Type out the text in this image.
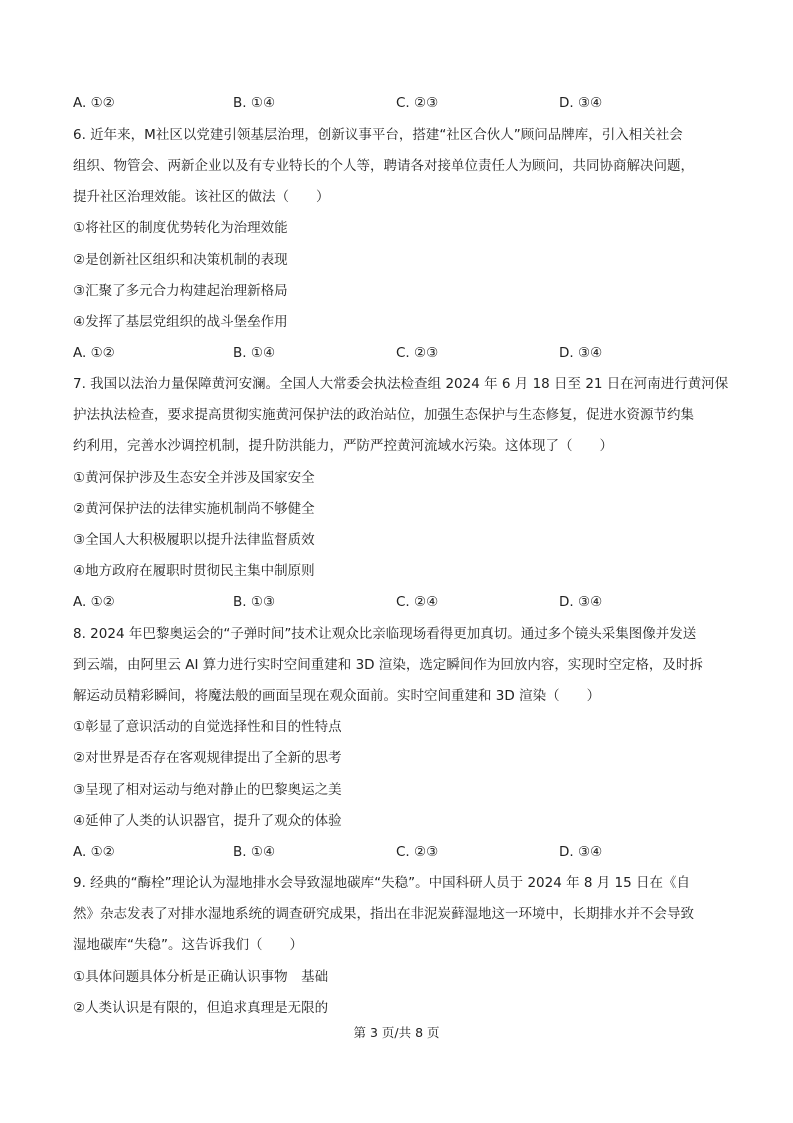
A. ①②	B. ①④	C. ②③	D. ③④
6. 近年来，M社区以党建引领基层治理，创新议事平台，搭建“社区合伙人”顾问品牌库，引入相关社会
组织、物管会、两新企业以及有专业特长的个人等，聘请各对接单位责任人为顾问，共同协商解决问题，
提升社区治理效能。该社区的做法（　　）
①将社区的制度优势转化为治理效能
②是创新社区组织和决策机制的表现
③汇聚了多元合力构建起治理新格局
④发挥了基层党组织的战斗堡垒作用
A. ①②	B. ①④	C. ②③	D. ③④
7. 我国以法治力量保障黄河安澜。全国人大常委会执法检查组 2024 年 6 月 18 日至 21 日在河南进行黄河保
护法执法检查，要求提高贯彻实施黄河保护法的政治站位，加强生态保护与生态修复，促进水资源节约集
约利用，完善水沙调控机制，提升防洪能力，严防严控黄河流域水污染。这体现了（　　）
①黄河保护涉及生态安全并涉及国家安全
②黄河保护法的法律实施机制尚不够健全
③全国人大积极履职以提升法律监督质效
④地方政府在履职时贯彻民主集中制原则
A. ①②	B. ①③	C. ②④	D. ③④
8. 2024 年巴黎奥运会的“子弹时间”技术让观众比亲临现场看得更加真切。通过多个镜头采集图像并发送
到云端，由阿里云 AI 算力进行实时空间重建和 3D 渲染，选定瞬间作为回放内容，实现时空定格，及时拆
解运动员精彩瞬间，将魔法般的画面呈现在观众面前。实时空间重建和 3D 渲染（　　）
①彰显了意识活动的自觉选择性和目的性特点
②对世界是否存在客观规律提出了全新的思考
③呈现了相对运动与绝对静止的巴黎奥运之美
④延伸了人类的认识器官，提升了观众的体验
A. ①②	B. ①④	C. ②③	D. ③④
9. 经典的“酶栓”理论认为湿地排水会导致湿地碳库“失稳”。中国科研人员于 2024 年 8 月 15 日在《自
然》杂志发表了对排水湿地系统的调查研究成果，指出在非泥炭藓湿地这一环境中，长期排水并不会导致
湿地碳库“失稳”。这告诉我们（　　）
①具体问题具体分析是正确认识事物　基础
②人类认识是有限的，但追求真理是无限的
第 3 页/共 8 页
